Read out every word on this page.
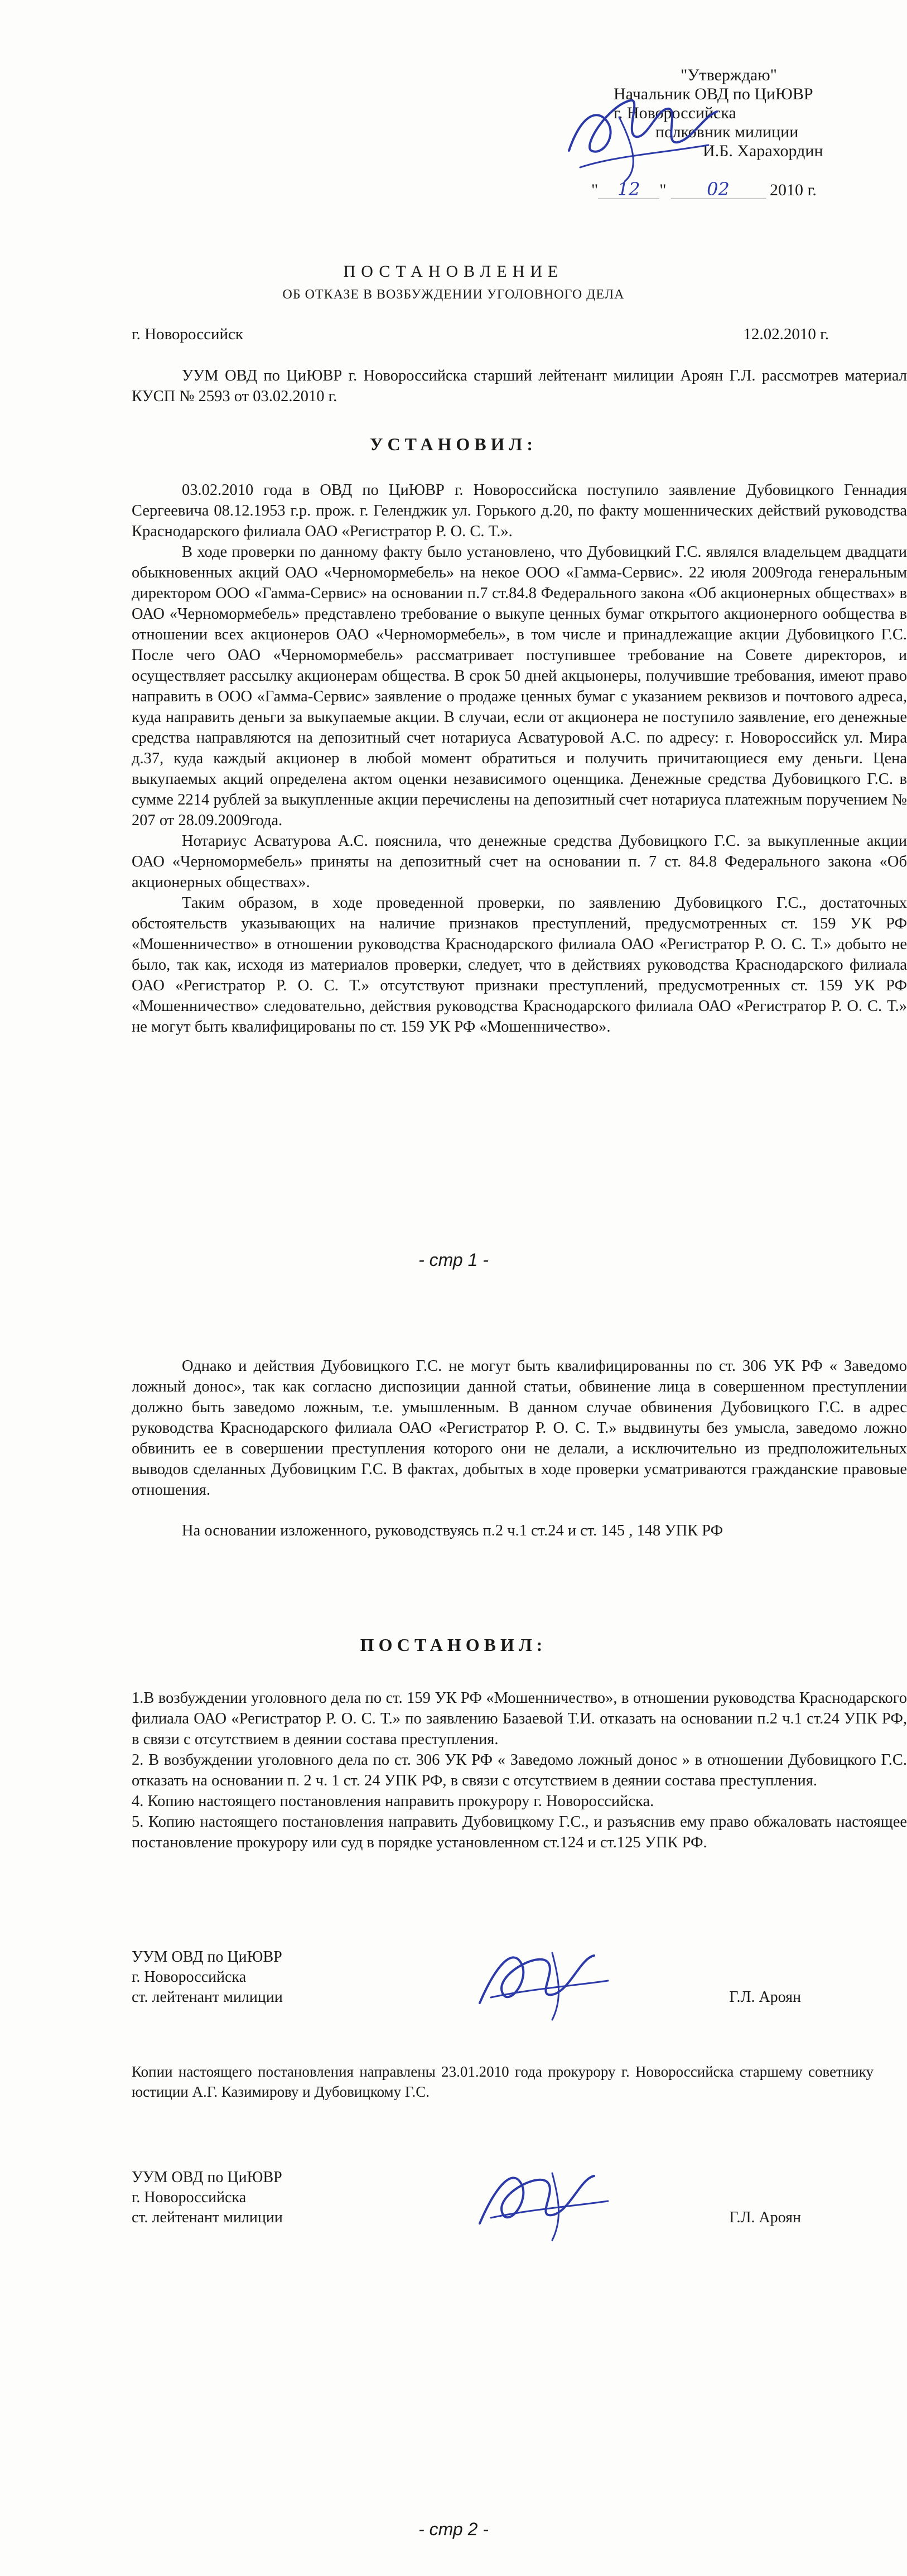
"Утверждаю"
Начальник ОВД по ЦиЮВР
г. Новороссийска
полковник милиции
И.Б. Харахордин
" 12 " 02 2010 г.
ПОСТАНОВЛЕНИЕ
ОБ ОТКАЗЕ В ВОЗБУЖДЕНИИ УГОЛОВНОГО ДЕЛА
г. Новороссийск	12.02.2010 г.

УУМ ОВД по ЦиЮВР г. Новороссийска старший лейтенант милиции Ароян Г.Л. рассмотрев материал КУСП № 2593 от 03.02.2010 г.

УСТАНОВИЛ:

03.02.2010 года в ОВД по ЦиЮВР г. Новороссийска поступило заявление Дубовицкого Геннадия Сергеевича 08.12.1953 г.р. прож. г. Геленджик ул. Горького д.20, по факту мошеннических действий руководства Краснодарского филиала ОАО «Регистратор Р. О. С. Т.».

В ходе проверки по данному факту было установлено, что Дубовицкий Г.С. являлся владельцем двадцати обыкновенных акций ОАО «Черномормебель» на некое ООО «Гамма-Сервис». 22 июля 2009года генеральным директором ООО «Гамма-Сервис» на основании п.7 ст.84.8 Федерального закона «Об акционерных обществах» в ОАО «Черномормебель» представлено требование о выкупе ценных бумаг открытого акционерного ообщества в отношении всех акционеров ОАО «Черномормебель», в том числе и принадлежащие акции Дубовицкого Г.С. После чего ОАО «Черномормебель» рассматривает поступившее требование на Совете директоров, и осуществляет рассылку акционерам общества. В срок 50 дней акцыонеры, получившие требования, имеют право направить в ООО «Гамма-Сервис» заявление о продаже ценных бумаг с указанием реквизов и почтового адреса, куда направить деньги за выкупаемые акции. В случаи, если от акционера не поступило заявление, его денежные средства направляются на депозитный счет нотариуса Асватуровой А.С. по адресу: г. Новороссийск ул. Мира д.37, куда каждый акционер в любой момент обратиться и получить причитающиеся ему деньги. Цена выкупаемых акций определена актом оценки независимого оценщика. Денежные средства Дубовицкого Г.С. в сумме 2214 рублей за выкупленные акции перечислены на депозитный счет нотариуса платежным поручением № 207 от 28.09.2009года.

Нотариус Асватурова А.С. пояснила, что денежные средства Дубовицкого Г.С. за выкупленные акции ОАО «Черномормебель» приняты на депозитный счет на основании п. 7 ст. 84.8 Федерального закона «Об акционерных обществах».

Таким образом, в ходе проведенной проверки, по заявлению Дубовицкого Г.С., достаточных обстоятельств указывающих на наличие признаков преступлений, предусмотренных ст. 159 УК РФ «Мошенничество» в отношении руководства Краснодарского филиала ОАО «Регистратор Р. О. С. Т.» добыто не было, так как, исходя из материалов проверки, следует, что в действиях руководства Краснодарского филиала ОАО «Регистратор Р. О. С. Т.» отсутствуют признаки преступлений, предусмотренных ст. 159 УК РФ «Мошенничество» следовательно, действия руководства Краснодарского филиала ОАО «Регистратор Р. О. С. Т.» не могут быть квалифицированы по ст. 159 УК РФ «Мошенничество».

- стр 1 -

Однако и действия Дубовицкого Г.С. не могут быть квалифицированны по ст. 306 УК РФ « Заведомо ложный донос», так как согласно диспозиции данной статьи, обвинение лица в совершенном преступлении должно быть заведомо ложным, т.е. умышленным. В данном случае обвинения Дубовицкого Г.С. в адрес руководства Краснодарского филиала ОАО «Регистратор Р. О. С. Т.» выдвинуты без умысла, заведомо ложно обвинить ее в совершении преступления которого они не делали, а исключительно из предположительных выводов сделанных Дубовицким Г.С. В фактах, добытых в ходе проверки усматриваются гражданские правовые отношения.

На основании изложенного, руководствуясь п.2 ч.1 ст.24 и ст. 145 , 148 УПК РФ

ПОСТАНОВИЛ:

1.В возбуждении уголовного дела по ст. 159 УК РФ «Мошенничество», в отношении руководства Краснодарского филиала ОАО «Регистратор Р. О. С. Т.» по заявлению Базаевой Т.И. отказать на основании п.2 ч.1 ст.24 УПК РФ, в связи с отсутствием в деянии состава преступления.

2. В возбуждении уголовного дела по ст. 306 УК РФ « Заведомо ложный донос » в отношении Дубовицкого Г.С. отказать на основании п. 2 ч. 1 ст. 24 УПК РФ, в связи с отсутствием в деянии состава преступления.

4. Копию настоящего постановления направить прокурору г. Новороссийска.

5. Копию настоящего постановления направить Дубовицкому Г.С., и разъяснив ему право обжаловать настоящее постановление прокурору или суд в порядке установленном ст.124 и ст.125 УПК РФ.

УУМ ОВД по ЦиЮВР
г. Новороссийска
ст. лейтенант милиции	Г.Л. Ароян

Копии настоящего постановления направлены 23.01.2010 года прокурору г. Новороссийска старшему советнику юстиции А.Г. Казимирову и Дубовицкому Г.С.

УУМ ОВД по ЦиЮВР
г. Новороссийска
ст. лейтенант милиции	Г.Л. Ароян
- стр 2 -
